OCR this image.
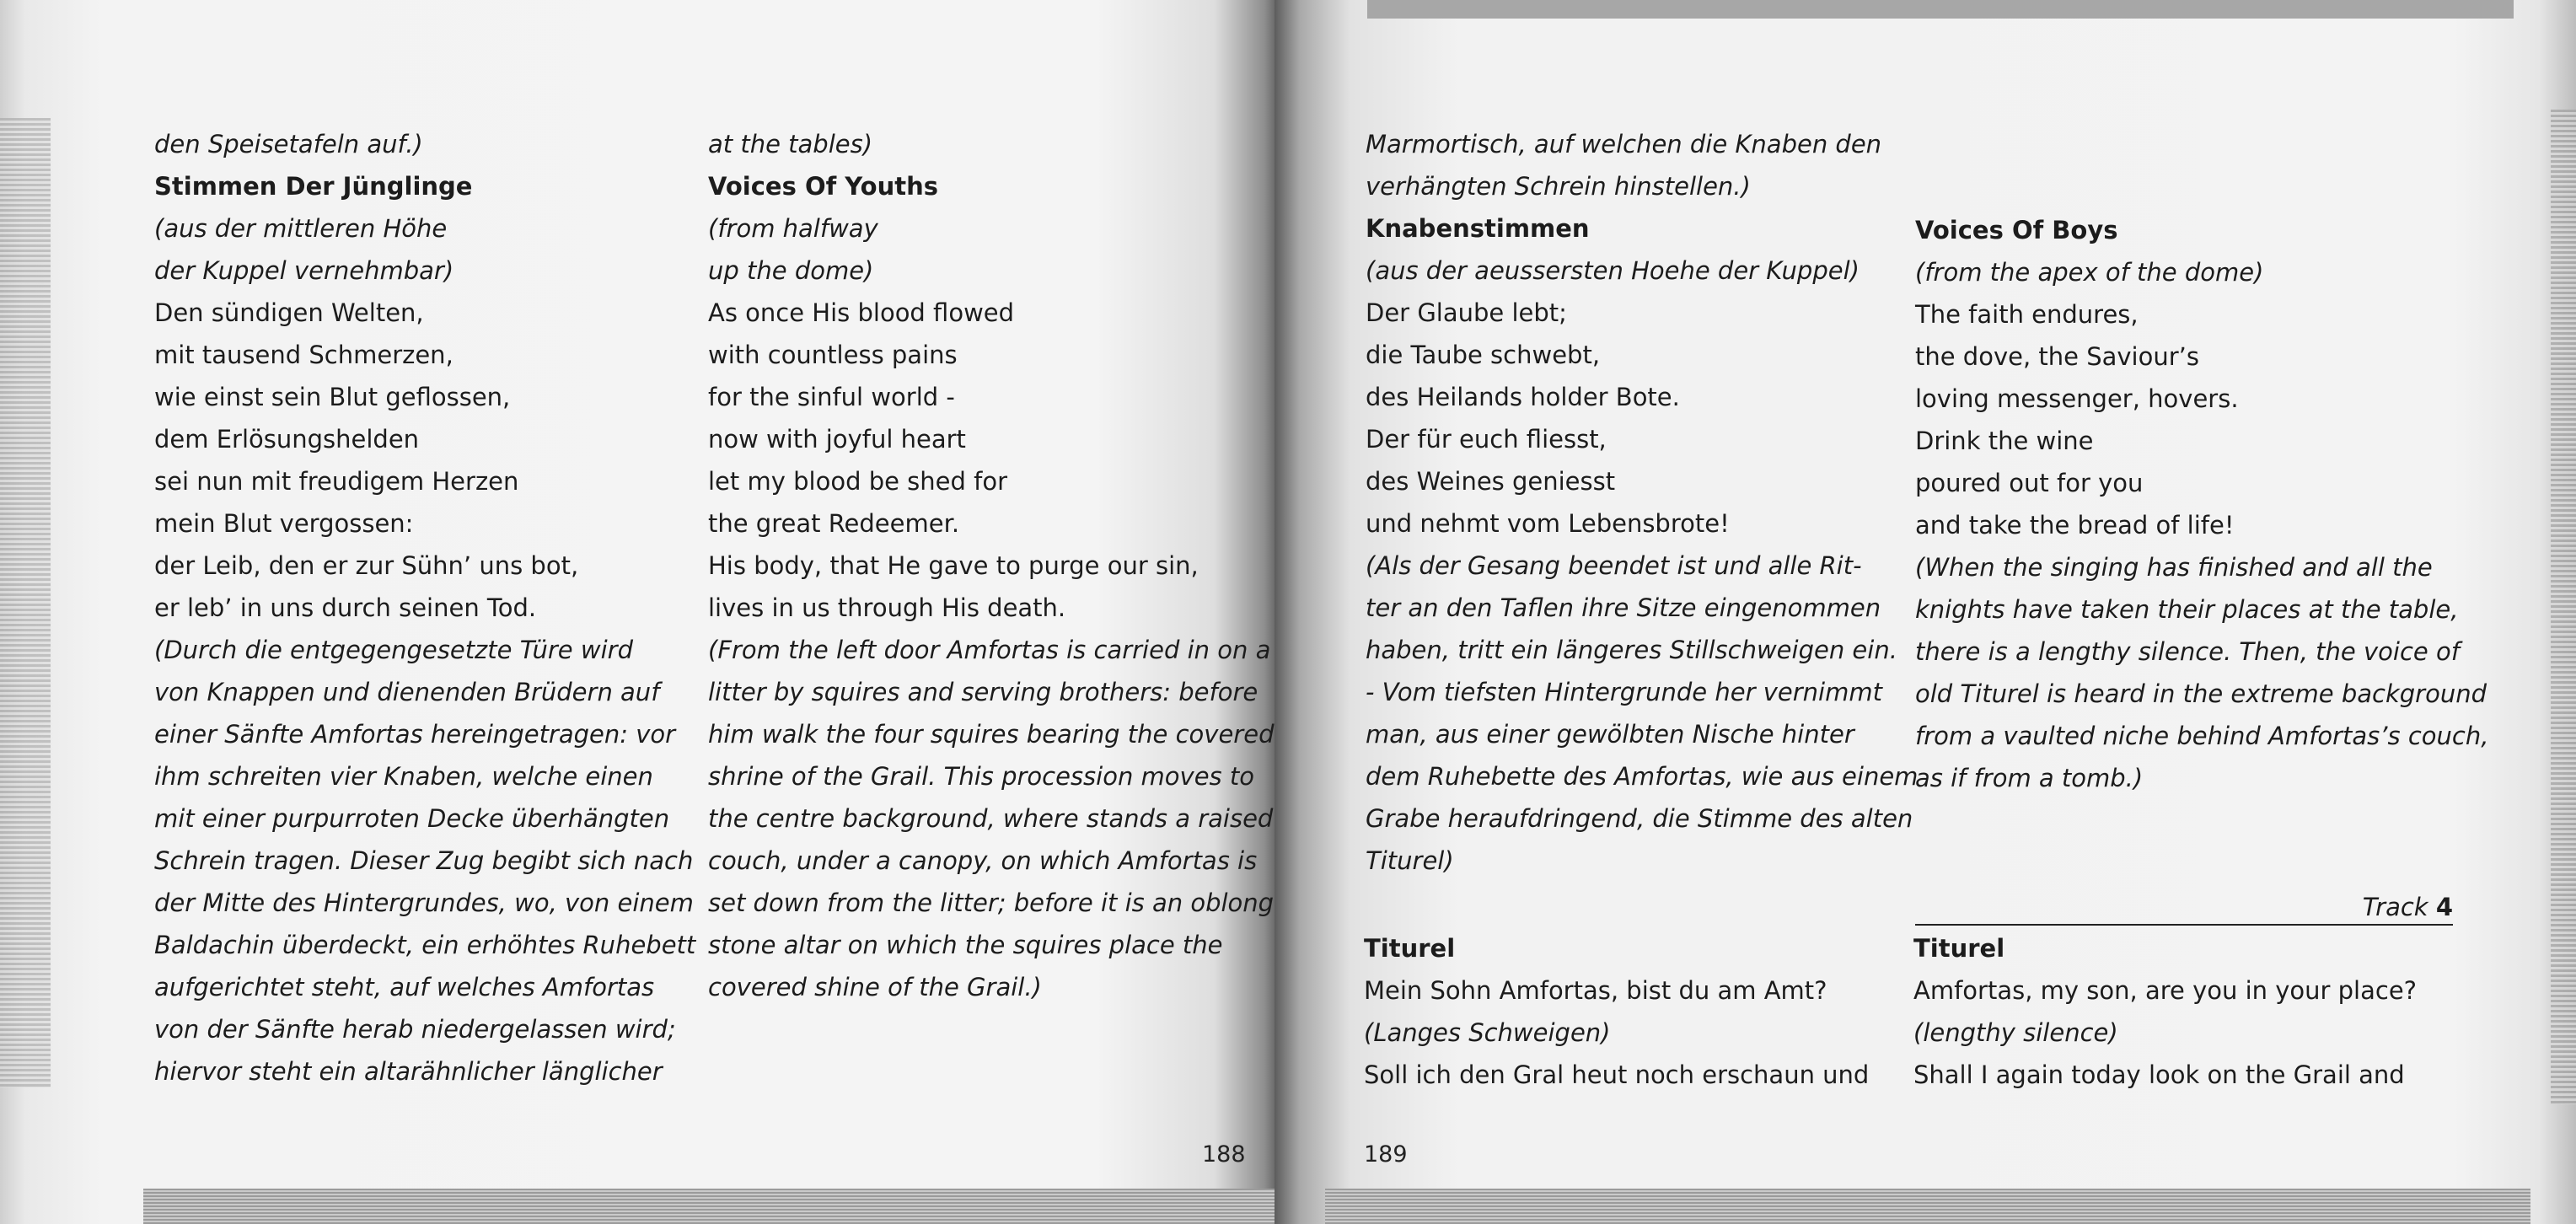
den Speisetafeln auf.)
Stimmen Der Jünglinge
(aus der mittleren Höhe
der Kuppel vernehmbar)
Den sündigen Welten,
mit tausend Schmerzen,
wie einst sein Blut geflossen,
dem Erlösungshelden
sei nun mit freudigem Herzen
mein Blut vergossen:
der Leib, den er zur Sühn’ uns bot,
er leb’ in uns durch seinen Tod.
(Durch die entgegengesetzte Türe wird
von Knappen und dienenden Brüdern auf
einer Sänfte Amfortas hereingetragen: vor
ihm schreiten vier Knaben, welche einen
mit einer purpurroten Decke überhängten
Schrein tragen. Dieser Zug begibt sich nach
der Mitte des Hintergrundes, wo, von einem
Baldachin überdeckt, ein erhöhtes Ruhebett
aufgerichtet steht, auf welches Amfortas
von der Sänfte herab niedergelassen wird;
hiervor steht ein altarähnlicher länglicher
at the tables)
Voices Of Youths
(from halfway
up the dome)
As once His blood flowed
with countless pains
for the sinful world -
now with joyful heart
let my blood be shed for
the great Redeemer.
His body, that He gave to purge our sin,
lives in us through His death.
(From the left door Amfortas is carried in on a
litter by squires and serving brothers: before
him walk the four squires bearing the covered
shrine of the Grail. This procession moves to
the centre background, where stands a raised
couch, under a canopy, on which Amfortas is
set down from the litter; before it is an oblong
stone altar on which the squires place the
covered shine of the Grail.)
188
Marmortisch, auf welchen die Knaben den
verhängten Schrein hinstellen.)
Knabenstimmen
(aus der aeussersten Hoehe der Kuppel)
Der Glaube lebt;
die Taube schwebt,
des Heilands holder Bote.
Der für euch fliesst,
des Weines geniesst
und nehmt vom Lebensbrote!
(Als der Gesang beendet ist und alle Rit-
ter an den Taflen ihre Sitze eingenommen
haben, tritt ein längeres Stillschweigen ein.
- Vom tiefsten Hintergrunde her vernimmt
man, aus einer gewölbten Nische hinter
dem Ruhebette des Amfortas, wie aus einem
Grabe heraufdringend, die Stimme des alten
Titurel)
Voices Of Boys
(from the apex of the dome)
The faith endures,
the dove, the Saviour’s
loving messenger, hovers.
Drink the wine
poured out for you
and take the bread of life!
(When the singing has finished and all the
knights have taken their places at the table,
there is a lengthy silence. Then, the voice of
old Titurel is heard in the extreme background
from a vaulted niche behind Amfortas’s couch,
as if from a tomb.)
Track 4
Titurel
Mein Sohn Amfortas, bist du am Amt?
(Langes Schweigen)
Soll ich den Gral heut noch erschaun und
Titurel
Amfortas, my son, are you in your place?
(lengthy silence)
Shall I again today look on the Grail and
189
